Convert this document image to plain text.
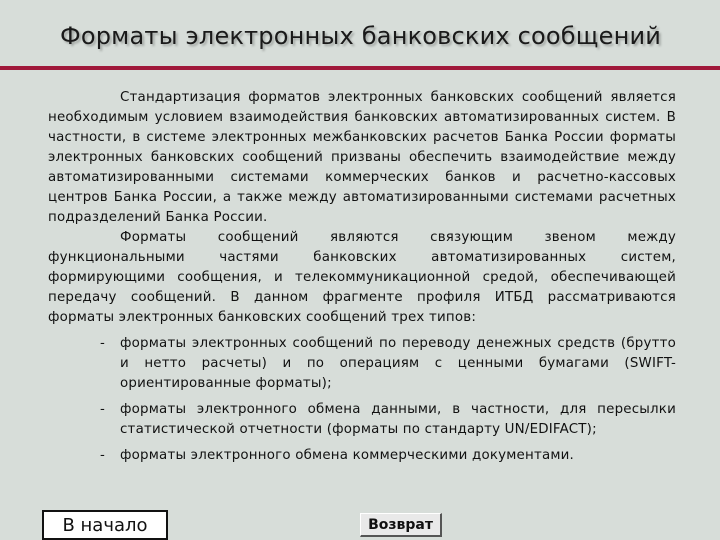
Форматы электронных банковских сообщений

Стандартизация форматов электронных банковских сообщений является необходимым условием взаимодействия банковских автоматизированных систем. В частности, в системе электронных межбанковских расчетов Банка России форматы электронных банковских сообщений призваны обеспечить взаимодействие между автоматизированными системами коммерческих банков и расчетно-кассовых центров Банка России, а также между автоматизированными системами расчетных подразделений Банка России.

Форматы сообщений являются связующим звеном между функциональными частями банковских автоматизированных систем, формирующими сообщения, и телекоммуникационной средой, обеспечивающей передачу сообщений. В данном фрагменте профиля ИТБД рассматриваются форматы электронных банковских сообщений трех типов:

- форматы электронных сообщений по переводу денежных средств (брутто и нетто расчеты) и по операциям с ценными бумагами (SWIFT-ориентированные форматы);
- форматы электронного обмена данными, в частности, для пересылки статистической отчетности (форматы по стандарту UN/EDIFACT);
- форматы электронного обмена коммерческими документами.
В начало	Возврат
